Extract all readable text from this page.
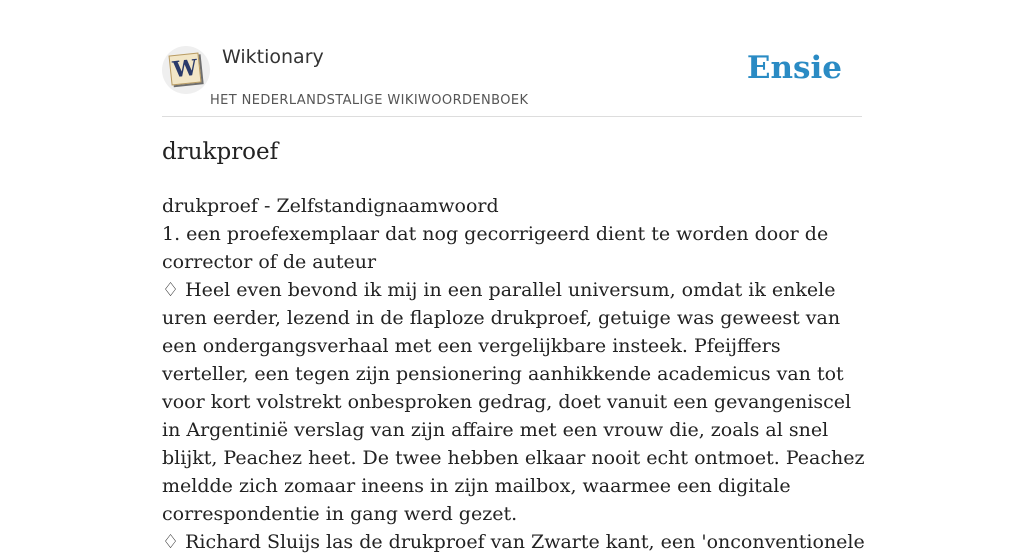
W Wiktionary
HET NEDERLANDSTALIGE WIKIWOORDENBOEK
Ensie
drukproef

drukproef - Zelfstandignaamwoord

1. een proefexemplaar dat nog gecorrigeerd dient te worden door de corrector of de auteur

♢ Heel even bevond ik mij in een parallel universum, omdat ik enkele uren eerder, lezend in de flaploze drukproef, getuige was geweest van een ondergangsverhaal met een vergelijkbare insteek. Pfeijffers verteller, een tegen zijn pensionering aanhikkende academicus van tot voor kort volstrekt onbesproken gedrag, doet vanuit een gevangeniscel in Argentinië verslag van zijn affaire met een vrouw die, zoals al snel blijkt, Peachez heet. De twee hebben elkaar nooit echt ontmoet. Peachez meldde zich zomaar ineens in zijn mailbox, waarmee een digitale correspondentie in gang werd gezet.

♢ Richard Sluijs las de drukproef van Zwarte kant, een 'onconventionele
